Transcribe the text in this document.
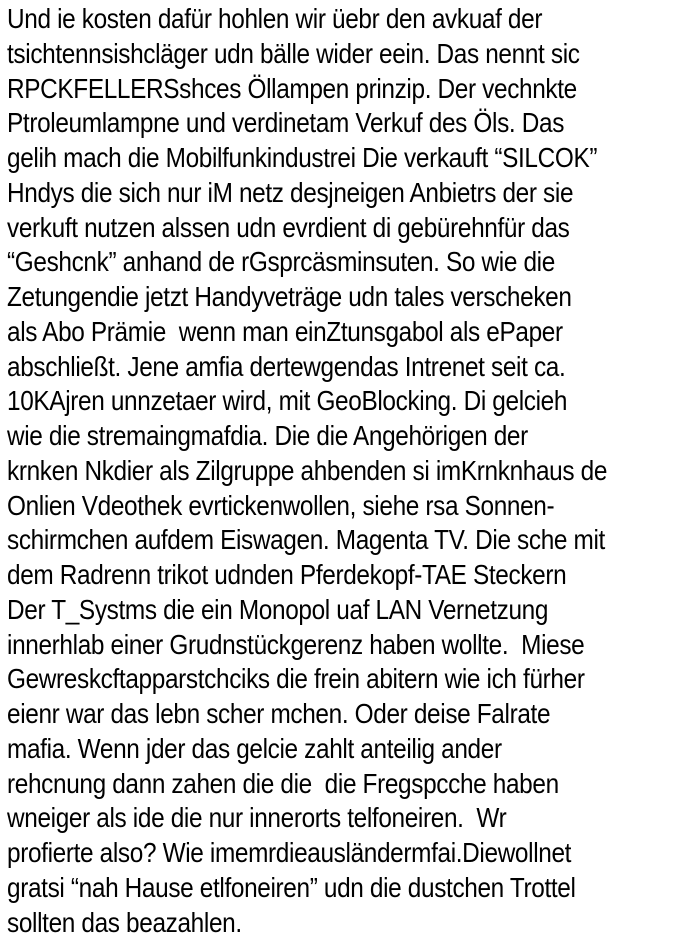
Und ie kosten dafür hohlen wir üebr den avkuaf der
tsichtennsishcläger udn bälle wider eein. Das nennt sic
RPCKFELLERSshces Öllampen prinzip. Der vechnkte
Ptroleumlampne und verdinetam Verkuf des Öls. Das
gelih mach die Mobilfunkindustrei Die verkauft “SILCOK”
Hndys die sich nur iM netz desjneigen Anbietrs der sie
verkuft nutzen alssen udn evrdient di gebürehnfür das
“Geshcnk” anhand de rGsprcäsminsuten. So wie die
Zetungendie jetzt Handyveträge udn tales verscheken
als Abo Prämie  wenn man einZtunsgabol als ePaper
abschließt. Jene amfia dertewgendas Intrenet seit ca.
10KAjren unnzetaer wird, mit GeoBlocking. Di gelcieh
wie die stremaingmafdia. Die die Angehörigen der
krnken Nkdier als Zilgruppe ahbenden si imKrnknhaus de
Onlien Vdeothek evrtickenwollen, siehe rsa Sonnen-
schirmchen aufdem Eiswagen. Magenta TV. Die sche mit
dem Radrenn trikot udnden Pferdekopf-TAE Steckern
Der T_Systms die ein Monopol uaf LAN Vernetzung
innerhlab einer Grudnstückgerenz haben wollte.  Miese
Gewreskcftapparstchciks die frein abitern wie ich fürher
eienr war das lebn scher mchen. Oder deise Falrate
mafia. Wenn jder das gelcie zahlt anteilig ander
rehcnung dann zahen die die  die Fregspcche haben
wneiger als ide die nur innerorts telfoneiren.  Wr
profierte also? Wie imemrdieausländermfai.Diewollnet
gratsi “nah Hause etlfoneiren” udn die dustchen Trottel
sollten das beazahlen.
